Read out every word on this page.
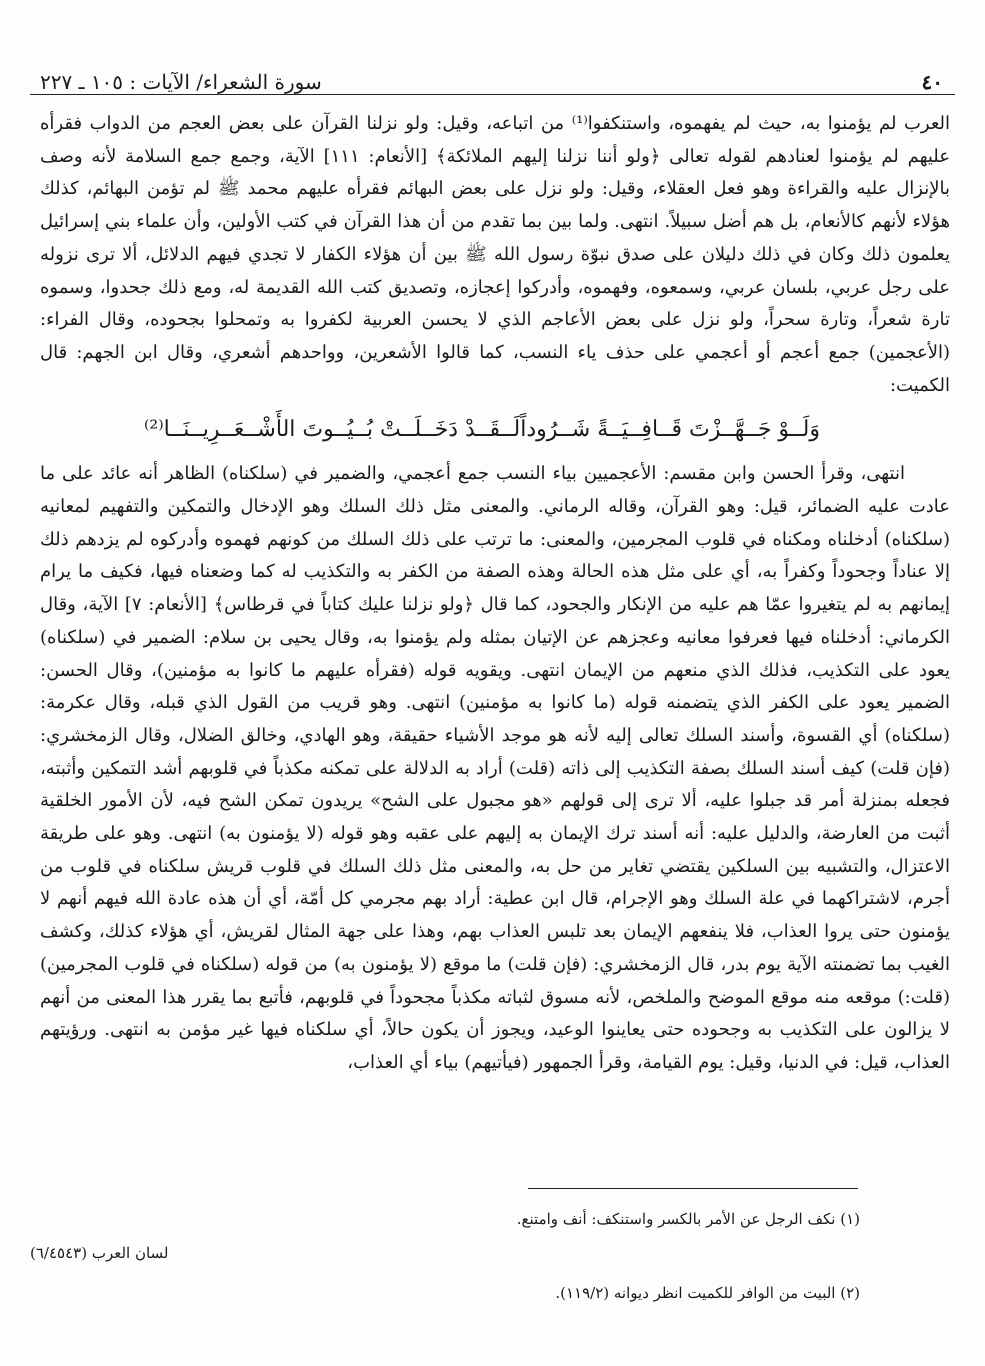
٤٠
سورة الشعراء/ الآيات : ١٠٥ ـ ٢٢٧

العرب لم يؤمنوا به، حيث لم يفهموه، واستنكفوا⁽¹⁾ من اتباعه، وقيل: ولو نزلنا القرآن على بعض العجم من الدواب فقرأه عليهم لم يؤمنوا لعنادهم لقوله تعالى ﴿ولو أننا نزلنا إليهم الملائكة﴾ [الأنعام: ١١١] الآية، وجمع جمع السلامة لأنه وصف بالإنزال عليه والقراءة وهو فعل العقلاء، وقيل: ولو نزل على بعض البهائم فقرأه عليهم محمد ﷺ لم تؤمن البهائم، كذلك هؤلاء لأنهم كالأنعام، بل هم أضل سبيلاً. انتهى. ولما بين بما تقدم من أن هذا القرآن في كتب الأولين، وأن علماء بني إسرائيل يعلمون ذلك وكان في ذلك دليلان على صدق نبوّة رسول الله ﷺ بين أن هؤلاء الكفار لا تجدي فيهم الدلائل، ألا ترى نزوله على رجل عربي، بلسان عربي، وسمعوه، وفهموه، وأدركوا إعجازه، وتصديق كتب الله القديمة له، ومع ذلك جحدوا، وسموه تارة شعراً، وتارة سحراً، ولو نزل على بعض الأعاجم الذي لا يحسن العربية لكفروا به وتمحلوا بجحوده، وقال الفراء: (الأعجمين) جمع أعجم أو أعجمي على حذف ياء النسب، كما قالوا الأشعرين، وواحدهم أشعري، وقال ابن الجهم: قال الكميت:

وَلَــوْ جَــهَّــزْتَ قَــافِــيَــةً شَــرُوداً
لَــقَــدْ دَخَــلَــتْ بُــيُــوتَ الأَشْــعَــرِيــنَــا⁽²⁾

انتهى، وقرأ الحسن وابن مقسم: الأعجميين بياء النسب جمع أعجمي، والضمير في (سلكناه) الظاهر أنه عائد على ما عادت عليه الضمائر، قيل: وهو القرآن، وقاله الرماني. والمعنى مثل ذلك السلك وهو الإدخال والتمكين والتفهيم لمعانيه (سلكناه) أدخلناه ومكناه في قلوب المجرمين، والمعنى: ما ترتب على ذلك السلك من كونهم فهموه وأدركوه لم يزدهم ذلك إلا عناداً وجحوداً وكفراً به، أي على مثل هذه الحالة وهذه الصفة من الكفر به والتكذيب له كما وضعناه فيها، فكيف ما يرام إيمانهم به لم يتغيروا عمّا هم عليه من الإنكار والجحود، كما قال ﴿ولو نزلنا عليك كتاباً في قرطاس﴾ [الأنعام: ٧] الآية، وقال الكرماني: أدخلناه فيها فعرفوا معانيه وعجزهم عن الإتيان بمثله ولم يؤمنوا به، وقال يحيى بن سلام: الضمير في (سلكناه) يعود على التكذيب، فذلك الذي منعهم من الإيمان انتهى. ويقويه قوله (فقرأه عليهم ما كانوا به مؤمنين)، وقال الحسن: الضمير يعود على الكفر الذي يتضمنه قوله (ما كانوا به مؤمنين) انتهى. وهو قريب من القول الذي قبله، وقال عكرمة: (سلكناه) أي القسوة، وأسند السلك تعالى إليه لأنه هو موجد الأشياء حقيقة، وهو الهادي، وخالق الضلال، وقال الزمخشري: (فإن قلت) كيف أسند السلك بصفة التكذيب إلى ذاته (قلت) أراد به الدلالة على تمكنه مكذباً في قلوبهم أشد التمكين وأثبته، فجعله بمنزلة أمر قد جبلوا عليه، ألا ترى إلى قولهم «هو مجبول على الشح» يريدون تمكن الشح فيه، لأن الأمور الخلقية أثبت من العارضة، والدليل عليه: أنه أسند ترك الإيمان به إليهم على عقبه وهو قوله (لا يؤمنون به) انتهى. وهو على طريقة الاعتزال، والتشبيه بين السلكين يقتضي تغاير من حل به، والمعنى مثل ذلك السلك في قلوب قريش سلكناه في قلوب من أجرم، لاشتراكهما في علة السلك وهو الإجرام، قال ابن عطية: أراد بهم مجرمي كل أمّة، أي أن هذه عادة الله فيهم أنهم لا يؤمنون حتى يروا العذاب، فلا ينفعهم الإيمان بعد تلبس العذاب بهم، وهذا على جهة المثال لقريش، أي هؤلاء كذلك، وكشف الغيب بما تضمنته الآية يوم بدر، قال الزمخشري: (فإن قلت) ما موقع (لا يؤمنون به) من قوله (سلكناه في قلوب المجرمين) (قلت:) موقعه منه موقع الموضح والملخص، لأنه مسوق لثباته مكذباً مجحوداً في قلوبهم، فأتبع بما يقرر هذا المعنى من أنهم لا يزالون على التكذيب به وجحوده حتى يعاينوا الوعيد، ويجوز أن يكون حالاً، أي سلكناه فيها غير مؤمن به انتهى. ورؤيتهم العذاب، قيل: في الدنيا، وقيل: يوم القيامة، وقرأ الجمهور (فيأتيهم) بياء أي العذاب،

(١) نكف الرجل عن الأمر بالكسر واستنكف: أنف وامتنع.

لسان العرب (٦/٤٥٤٣)

(٢) البيت من الوافر للكميت انظر ديوانه (١١٩/٢).
